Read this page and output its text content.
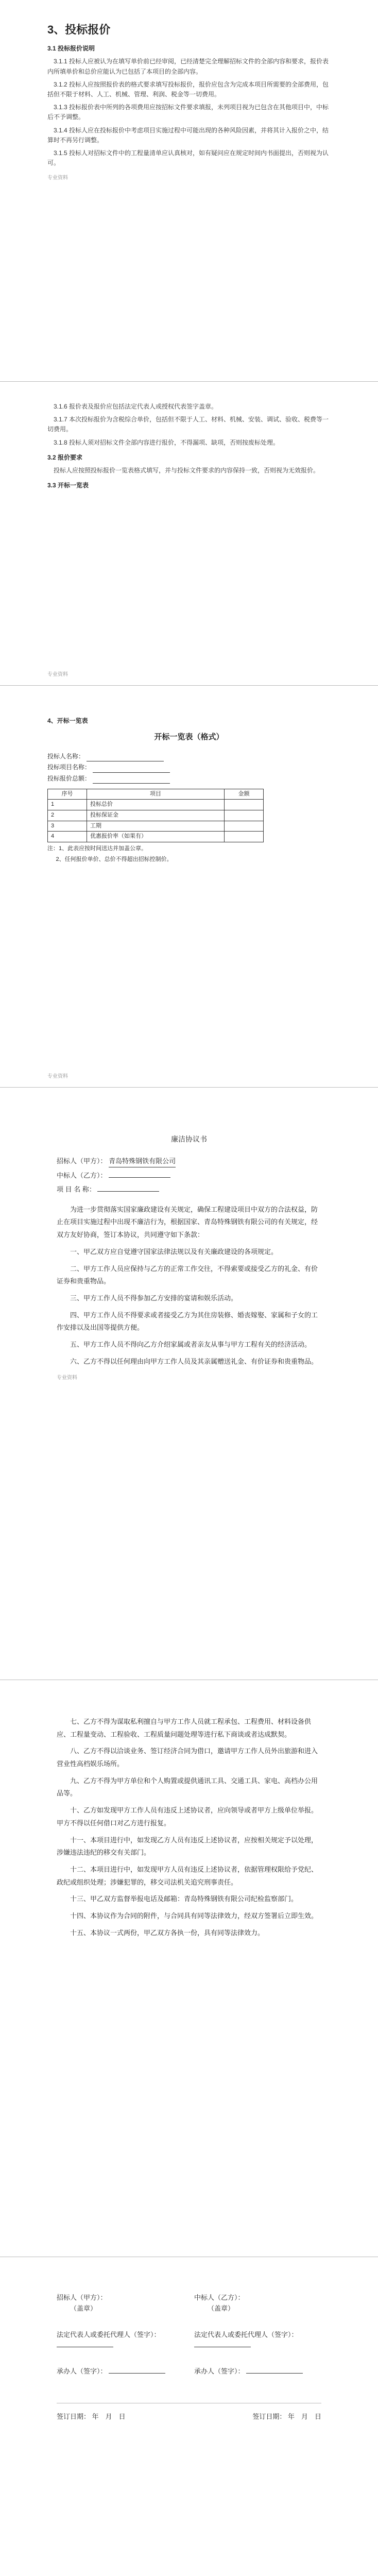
3、投标报价
3.1 投标报价说明

3.1.1 投标人应被认为在填写单价前已经审阅，已经清楚完全理解招标文件的全部内容和要求，报价表内所填单价和总价应能认为已包括了本项目的全部内容。

3.1.2 投标人应按照报价表的格式要求填写投标报价，报价应包含为完成本项目所需要的全部费用，包括但不限于材料、人工、机械、管理、利润、税金等一切费用。

3.1.3 投标报价表中所列的各项费用应按招标文件要求填报，未列项目视为已包含在其他项目中，中标后不予调整。

3.1.4 投标人应在投标报价中考虑项目实施过程中可能出现的各种风险因素，并将其计入报价之中，结算时不再另行调整。

3.1.5 投标人对招标文件中的工程量清单应认真核对，如有疑问应在规定时间内书面提出，否则视为认可。

专业资料

3.1.6 报价表及报价应包括法定代表人或授权代表签字盖章。

3.1.7 本次投标报价为含税综合单价，包括但不限于人工、材料、机械、安装、调试、验收、税费等一切费用。

3.1.8 投标人须对招标文件全部内容进行报价，不得漏项、缺项，否则按废标处理。

3.2 报价要求

投标人应按照投标报价一览表格式填写，并与投标文件要求的内容保持一致，否则视为无效报价。

3.3 开标一览表
专业资料
4、开标一览表
开标一览表（格式）
投标人名称：
投标项目名称：
投标报价总额：
序号	项目	金额
1	投标总价	
2	投标保证金	
3	工期	
4	优惠报价率（如果有）	

注：1、此表应按时间送达并加盖公章。

2、任何报价单价、总价不得超出招标控制价。

专业资料
廉洁协议书
招标人（甲方）： 青岛特殊钢铁有限公司
中标人（乙方）：
项 目 名 称：

为进一步贯彻落实国家廉政建设有关规定，确保工程建设项目中双方的合法权益，防止在项目实施过程中出现不廉洁行为，根据国家、青岛特殊钢铁有限公司的有关规定，经双方友好协商，签订本协议，共同遵守如下条款：

一、甲乙双方应自觉遵守国家法律法规以及有关廉政建设的各项规定。

二、甲方工作人员应保持与乙方的正常工作交往，不得索要或接受乙方的礼金、有价证券和贵重物品。

三、甲方工作人员不得参加乙方安排的宴请和娱乐活动。

四、甲方工作人员不得要求或者接受乙方为其住房装修、婚丧嫁娶、家属和子女的工作安排以及出国等提供方便。

五、甲方工作人员不得向乙方介绍家属或者亲友从事与甲方工程有关的经济活动。

六、乙方不得以任何理由向甲方工作人员及其亲属赠送礼金、有价证券和贵重物品。

专业资料

七、乙方不得为谋取私利擅自与甲方工作人员就工程承包、工程费用、材料设备供应、工程量变动、工程验收、工程质量问题处理等进行私下商谈或者达成默契。

八、乙方不得以洽谈业务、签订经济合同为借口，邀请甲方工作人员外出旅游和进入营业性高档娱乐场所。

九、乙方不得为甲方单位和个人购置或提供通讯工具、交通工具、家电、高档办公用品等。

十、乙方如发现甲方工作人员有违反上述协议者，应向领导或者甲方上级单位举报。甲方不得以任何借口对乙方进行报复。

十一、本项目进行中，如发现乙方人员有违反上述协议者，应按相关规定予以处理，涉嫌违法违纪的移交有关部门。

十二、本项目进行中，如发现甲方人员有违反上述协议者，依据管理权限给予党纪、政纪或组织处理；涉嫌犯罪的，移交司法机关追究刑事责任。

十三、甲乙双方监督举报电话及邮箱：青岛特殊钢铁有限公司纪检监察部门。

十四、本协议作为合同的附件，与合同具有同等法律效力，经双方签署后立即生效。

十五、本协议一式两份，甲乙双方各执一份，具有同等法律效力。

招标人（甲方）：
（盖章）
中标人（乙方）：
（盖章）
法定代表人或委托代理人（签字）：	法定代表人或委托代理人（签字）：
承办人（签字）：	承办人（签字）：
签订日期： 年　月　日	签订日期： 年　月　日
